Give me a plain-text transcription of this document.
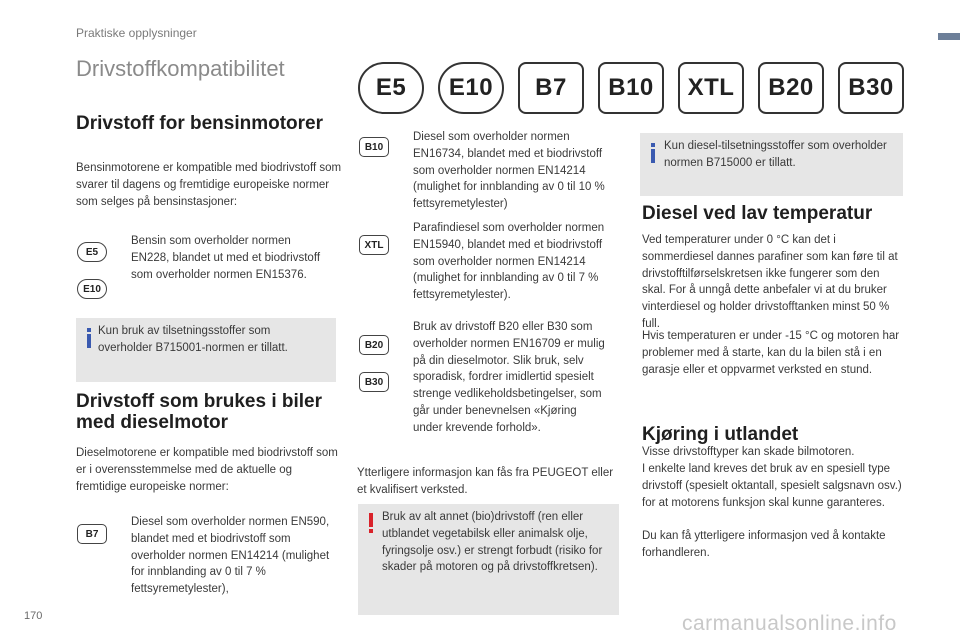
Praktiske opplysninger
Drivstoffkompatibilitet
E5	E10	B7	B10	XTL	B20	B30
Drivstoff for bensinmotorer

Bensinmotorene er kompatible med biodrivstoff som svarer til dagens og fremtidige europeiske normer som selges på bensinstasjoner:

E5
E10

Bensin som overholder normen EN228, blandet ut med et biodrivstoff som overholder normen EN15376.

Kun bruk av tilsetningsstoffer som overholder B715001-normen er tillatt.

Drivstoff som brukes i biler med dieselmotor

Dieselmotorene er kompatible med biodrivstoff som er i overensstemmelse med de aktuelle og fremtidige europeiske normer:

B7

Diesel som overholder normen EN590, blandet med et biodrivstoff som overholder normen EN14214 (mulighet for innblanding av 0 til 7 % fettsyremetylester),

B10

Diesel som overholder normen EN16734, blandet med et biodrivstoff som overholder normen EN14214 (mulighet for innblanding av 0 til 10 % fettsyremetylester)

XTL

Parafindiesel som overholder normen EN15940, blandet med et biodrivstoff som overholder normen EN14214 (mulighet for innblanding av 0 til 7 % fettsyremetylester).

B20
B30

Bruk av drivstoff B20 eller B30 som overholder normen EN16709 er mulig på din dieselmotor. Slik bruk, selv sporadisk, fordrer imidlertid spesielt strenge vedlikeholdsbetingelser, som går under benevnelsen «Kjøring under krevende forhold».

Ytterligere informasjon kan fås fra PEUGEOT eller et kvalifisert verksted.

Bruk av alt annet (bio)drivstoff (ren eller utblandet vegetabilsk eller animalsk olje, fyringsolje osv.) er strengt forbudt (risiko for skader på motoren og på drivstoffkretsen).

Kun diesel-tilsetningsstoffer som overholder normen B715000 er tillatt.

Diesel ved lav temperatur

Ved temperaturer under 0 °C kan det i sommerdiesel dannes parafiner som kan føre til at drivstofftilførselskretsen ikke fungerer som den skal. For å unngå dette anbefaler vi at du bruker vinterdiesel og holder drivstofftanken minst 50 % full.

Hvis temperaturen er under -15 °C og motoren har problemer med å starte, kan du la bilen stå i en garasje eller et oppvarmet verksted en stund.

Kjøring i utlandet

Visse drivstofftyper kan skade bilmotoren.

I enkelte land kreves det bruk av en spesiell type drivstoff (spesielt oktantall, spesielt salgsnavn osv.) for at motorens funksjon skal kunne garanteres.

Du kan få ytterligere informasjon ved å kontakte forhandleren.

170	carmanualsonline.info
